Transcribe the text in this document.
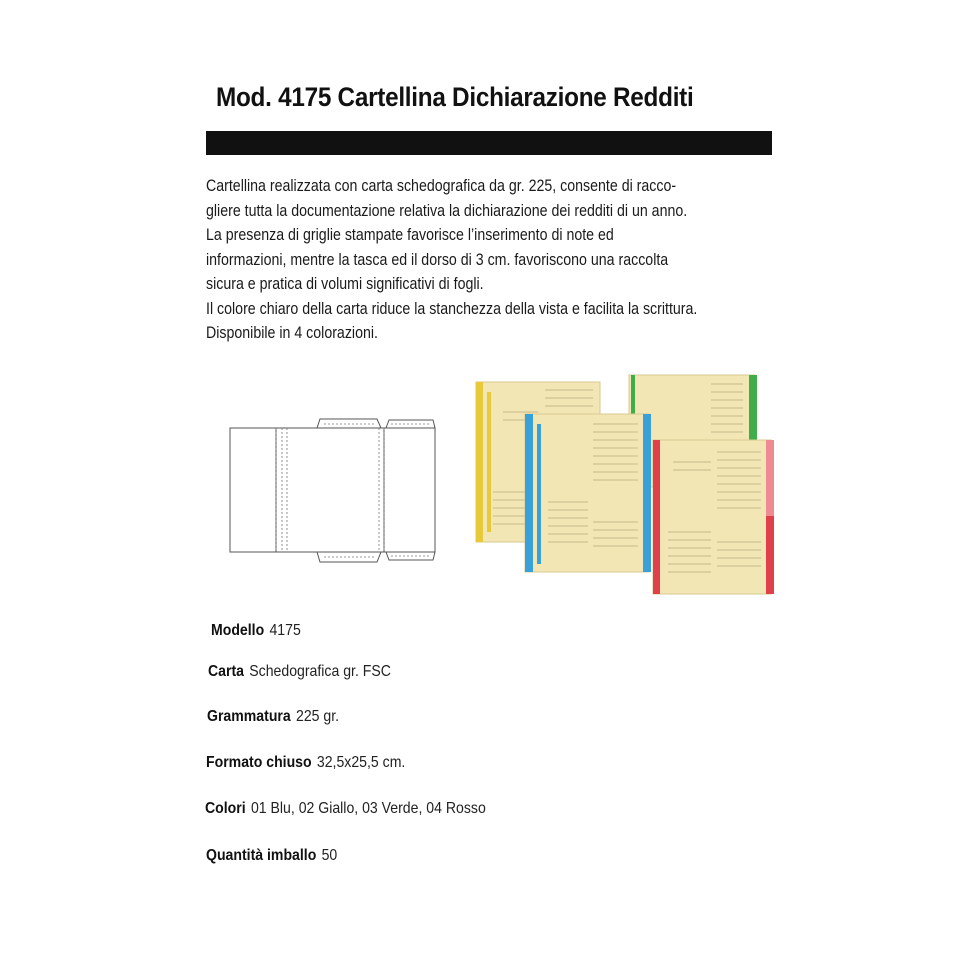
Mod. 4175 Cartellina Dichiarazione Redditi
Cartellina realizzata con carta schedografica da gr. 225, consente di racco-
gliere tutta la documentazione relativa la dichiarazione dei redditi di un anno.
La presenza di griglie stampate favorisce l’inserimento di note ed
informazioni, mentre la tasca ed il dorso di 3 cm. favoriscono una raccolta
sicura e pratica di volumi significativi di fogli.
Il colore chiaro della carta riduce la stanchezza della vista e facilita la scrittura.
Disponibile in 4 colorazioni.
Modello 4175
Carta Schedografica gr. FSC
Grammatura 225 gr.
Formato chiuso 32,5x25,5 cm.
Colori 01 Blu, 02 Giallo, 03 Verde, 04 Rosso
Quantità imballo 50
